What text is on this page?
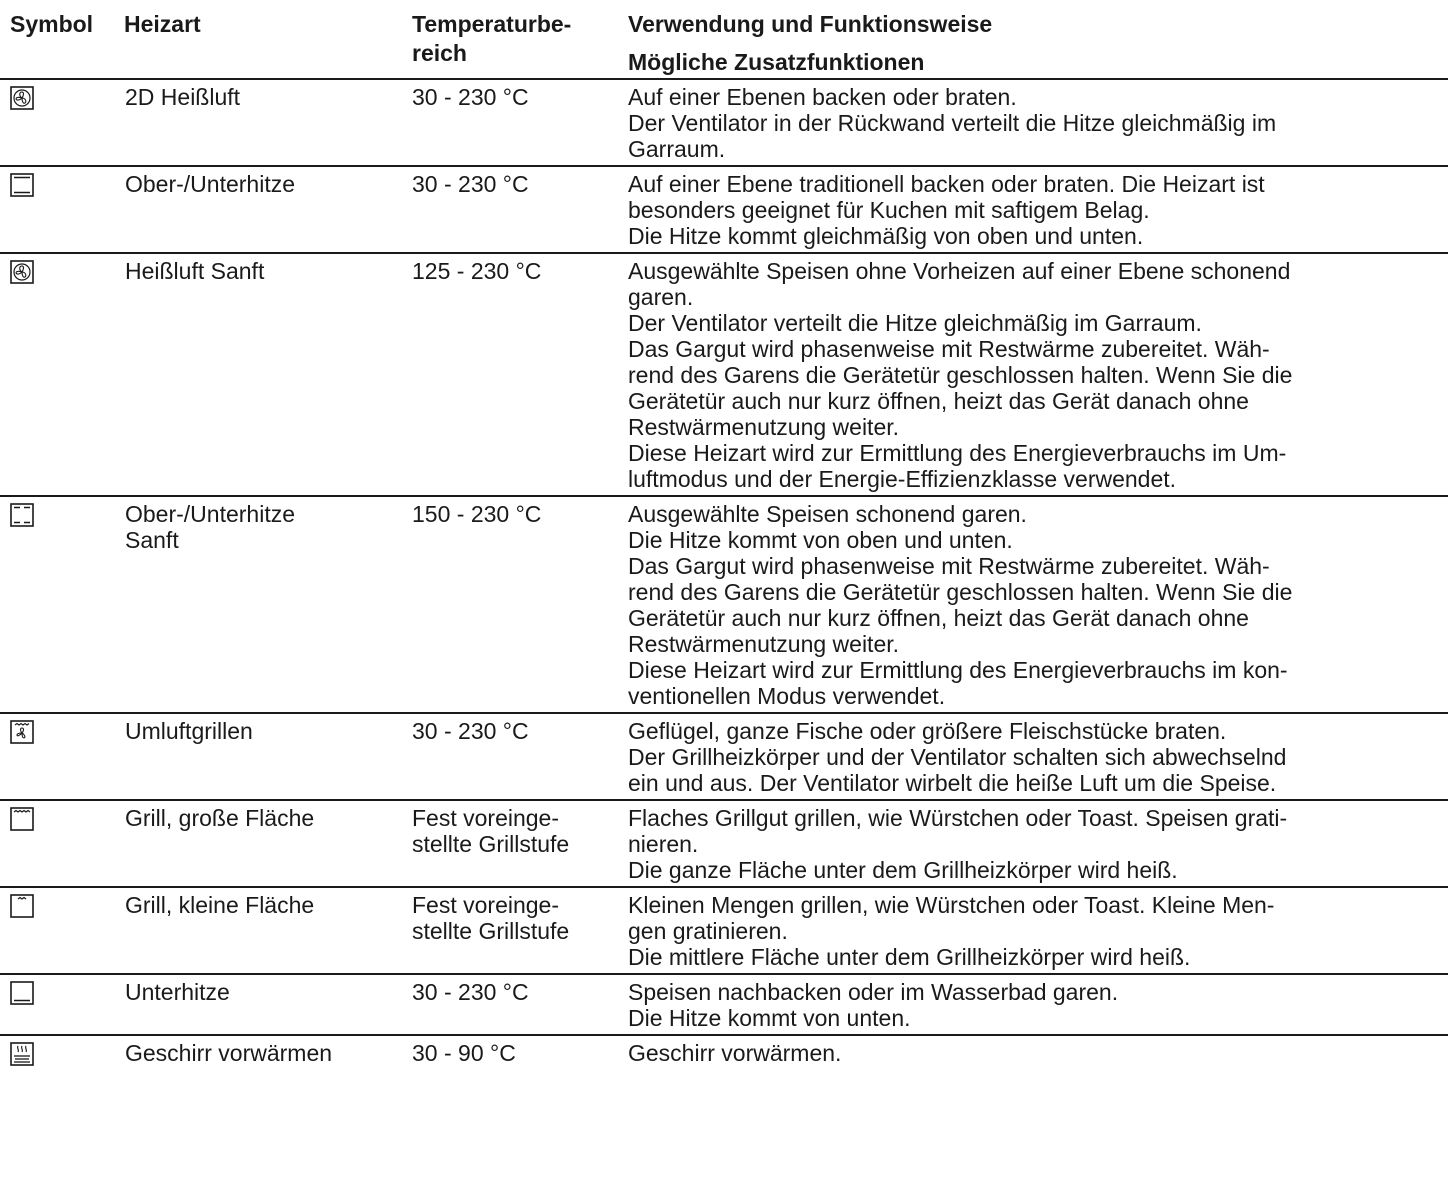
Symbol	Heizart	Temperaturbe-
reich
Verwendung und Funktionsweise
Mögliche Zusatzfunktionen
2D Heißluft	30 - 230 °C	Auf einer Ebenen backen oder braten.
Der Ventilator in der Rückwand verteilt die Hitze gleichmäßig im
Garraum.
Ober-/Unterhitze	30 - 230 °C	Auf einer Ebene traditionell backen oder braten. Die Heizart ist
besonders geeignet für Kuchen mit saftigem Belag.
Die Hitze kommt gleichmäßig von oben und unten.
Heißluft Sanft	125 - 230 °C	Ausgewählte Speisen ohne Vorheizen auf einer Ebene schonend
garen.
Der Ventilator verteilt die Hitze gleichmäßig im Garraum.
Das Gargut wird phasenweise mit Restwärme zubereitet. Wäh-
rend des Garens die Gerätetür geschlossen halten. Wenn Sie die
Gerätetür auch nur kurz öffnen, heizt das Gerät danach ohne
Restwärmenutzung weiter.
Diese Heizart wird zur Ermittlung des Energieverbrauchs im Um-
luftmodus und der Energie-Effizienzklasse verwendet.
Ober-/Unterhitze
Sanft
150 - 230 °C	Ausgewählte Speisen schonend garen.
Die Hitze kommt von oben und unten.
Das Gargut wird phasenweise mit Restwärme zubereitet. Wäh-
rend des Garens die Gerätetür geschlossen halten. Wenn Sie die
Gerätetür auch nur kurz öffnen, heizt das Gerät danach ohne
Restwärmenutzung weiter.
Diese Heizart wird zur Ermittlung des Energieverbrauchs im kon-
ventionellen Modus verwendet.
Umluftgrillen	30 - 230 °C	Geflügel, ganze Fische oder größere Fleischstücke braten.
Der Grillheizkörper und der Ventilator schalten sich abwechselnd
ein und aus. Der Ventilator wirbelt die heiße Luft um die Speise.
Grill, große Fläche	Fest voreinge-
stellte Grillstufe
Flaches Grillgut grillen, wie Würstchen oder Toast. Speisen grati-
nieren.
Die ganze Fläche unter dem Grillheizkörper wird heiß.
Grill, kleine Fläche	Fest voreinge-
stellte Grillstufe
Kleinen Mengen grillen, wie Würstchen oder Toast. Kleine Men-
gen gratinieren.
Die mittlere Fläche unter dem Grillheizkörper wird heiß.
Unterhitze	30 - 230 °C	Speisen nachbacken oder im Wasserbad garen.
Die Hitze kommt von unten.
Geschirr vorwärmen	30 - 90 °C	Geschirr vorwärmen.
